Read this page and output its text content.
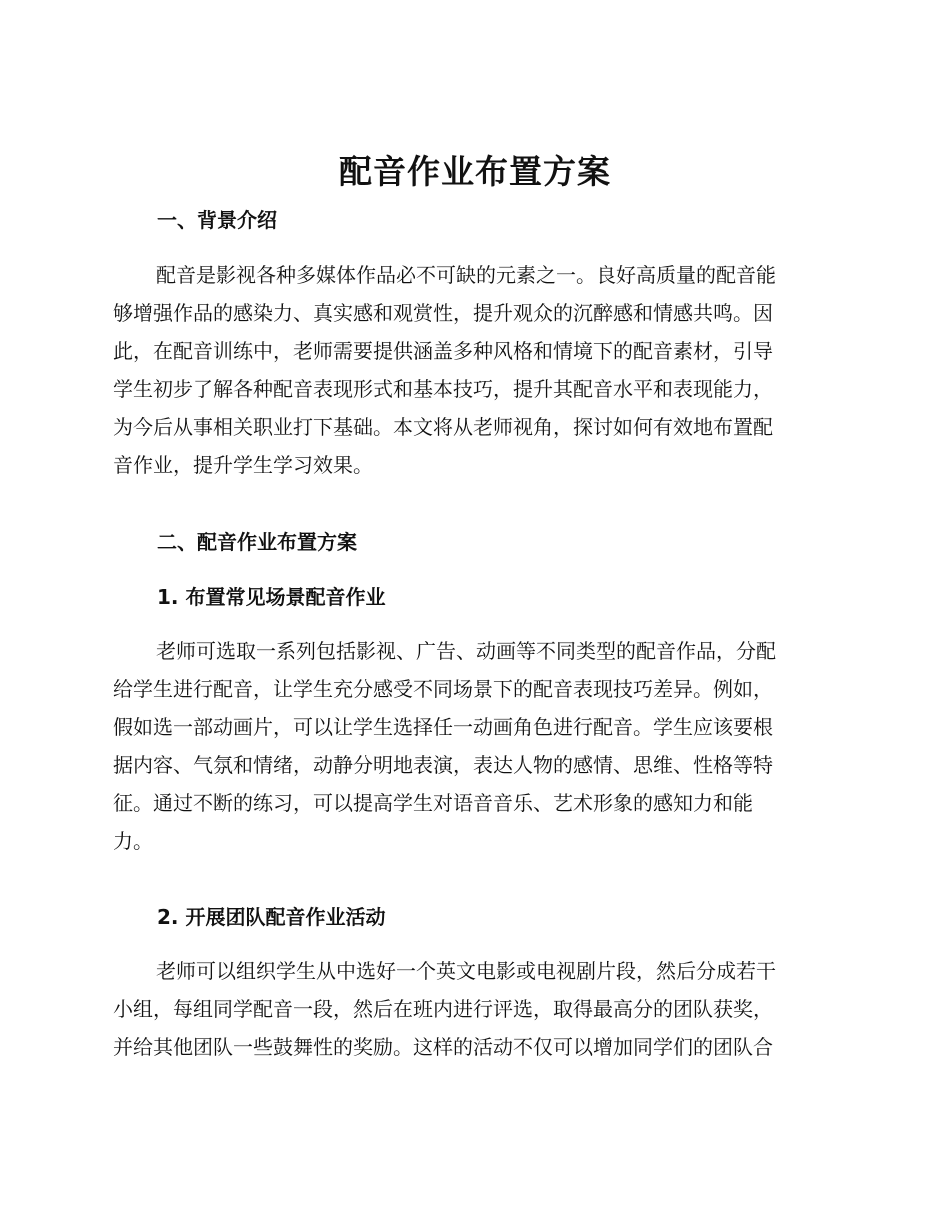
配音作业布置方案
一、背景介绍
配音是影视各种多媒体作品必不可缺的元素之一。良好高质量的配音能
够增强作品的感染力、真实感和观赏性，提升观众的沉醉感和情感共鸣。因
此，在配音训练中，老师需要提供涵盖多种风格和情境下的配音素材，引导
学生初步了解各种配音表现形式和基本技巧，提升其配音水平和表现能力，
为今后从事相关职业打下基础。本文将从老师视角，探讨如何有效地布置配
音作业，提升学生学习效果。
二、配音作业布置方案
1. 布置常见场景配音作业
老师可选取一系列包括影视、广告、动画等不同类型的配音作品，分配
给学生进行配音，让学生充分感受不同场景下的配音表现技巧差异。例如，
假如选一部动画片，可以让学生选择任一动画角色进行配音。学生应该要根
据内容、气氛和情绪，动静分明地表演，表达人物的感情、思维、性格等特
征。通过不断的练习，可以提高学生对语音音乐、艺术形象的感知力和能
力。
2. 开展团队配音作业活动
老师可以组织学生从中选好一个英文电影或电视剧片段，然后分成若干
小组，每组同学配音一段，然后在班内进行评选，取得最高分的团队获奖，
并给其他团队一些鼓舞性的奖励。这样的活动不仅可以增加同学们的团队合
